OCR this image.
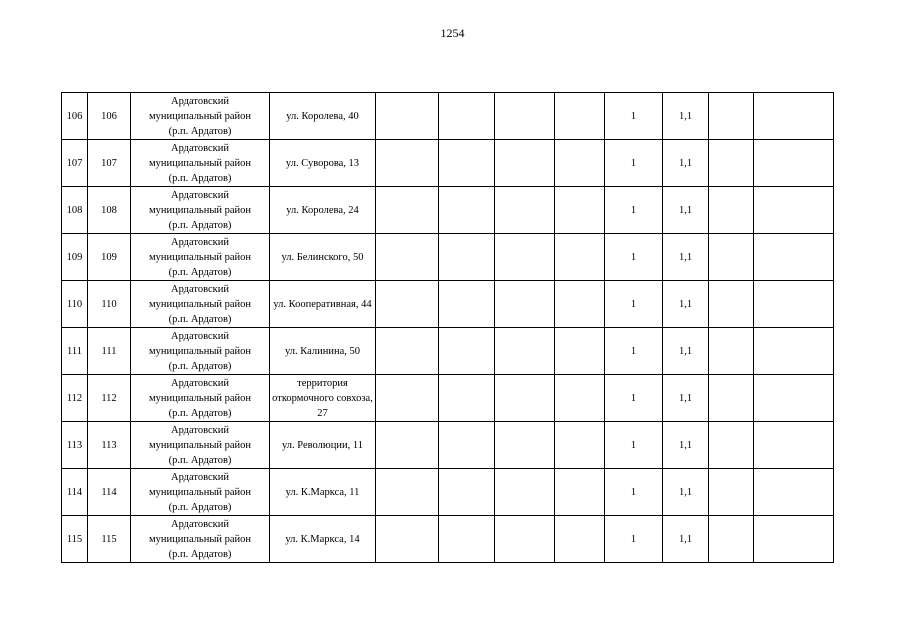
1254
106	106	Ардатовский
муниципальный район
(р.п. Ардатов)	ул. Королева, 40					1	1,1		
107	107	Ардатовский
муниципальный район
(р.п. Ардатов)	ул. Суворова, 13					1	1,1		
108	108	Ардатовский
муниципальный район
(р.п. Ардатов)	ул. Королева, 24					1	1,1		
109	109	Ардатовский
муниципальный район
(р.п. Ардатов)	ул. Белинского, 50					1	1,1		
110	110	Ардатовский
муниципальный район
(р.п. Ардатов)	ул. Кооперативная, 44					1	1,1		
111	111	Ардатовский
муниципальный район
(р.п. Ардатов)	ул. Калинина, 50					1	1,1		
112	112	Ардатовский
муниципальный район
(р.п. Ардатов)	территория откормочного совхоза, 27					1	1,1		
113	113	Ардатовский
муниципальный район
(р.п. Ардатов)	ул. Революции, 11					1	1,1		
114	114	Ардатовский
муниципальный район
(р.п. Ардатов)	ул. К.Маркса, 11					1	1,1		
115	115	Ардатовский
муниципальный район
(р.п. Ардатов)	ул. К.Маркса, 14					1	1,1		
